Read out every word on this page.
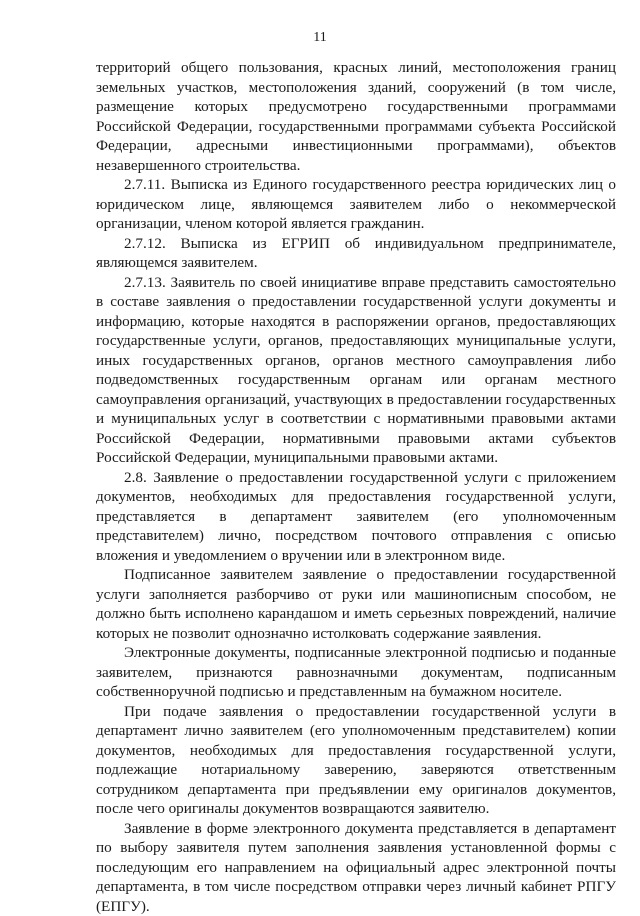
11

территорий общего пользования, красных линий, местоположения границ земельных участков, местоположения зданий, сооружений (в том числе, размещение которых предусмотрено государственными программами Российской Федерации, государственными программами субъекта Российской Федерации, адресными инвестиционными программами), объектов незавершенного строительства.

2.7.11. Выписка из Единого государственного реестра юридических лиц о юридическом лице, являющемся заявителем либо о некоммерческой организации, членом которой является гражданин.

2.7.12. Выписка из ЕГРИП об индивидуальном предпринимателе, являющемся заявителем.

2.7.13. Заявитель по своей инициативе вправе представить самостоятельно в составе заявления о предоставлении государственной услуги документы и информацию, которые находятся в распоряжении органов, предоставляющих государственные услуги, органов, предоставляющих муниципальные услуги, иных государственных органов, органов местного самоуправления либо подведомственных государственным органам или органам местного самоуправления организаций, участвующих в предоставлении государственных и муниципальных услуг в соответствии с нормативными правовыми актами Российской Федерации, нормативными правовыми актами субъектов Российской Федерации, муниципальными правовыми актами.

2.8. Заявление о предоставлении государственной услуги с приложением документов, необходимых для предоставления государственной услуги, представляется в департамент заявителем (его уполномоченным представителем) лично, посредством почтового отправления с описью вложения и уведомлением о вручении или в электронном виде.

Подписанное заявителем заявление о предоставлении государственной услуги заполняется разборчиво от руки или машинописным способом, не должно быть исполнено карандашом и иметь серьезных повреждений, наличие которых не позволит однозначно истолковать содержание заявления.

Электронные документы, подписанные электронной подписью и поданные заявителем, признаются равнозначными документам, подписанным собственноручной подписью и представленным на бумажном носителе.

При подаче заявления о предоставлении государственной услуги в департамент лично заявителем (его уполномоченным представителем) копии документов, необходимых для предоставления государственной услуги, подлежащие нотариальному заверению, заверяются ответственным сотрудником департамента при предъявлении ему оригиналов документов, после чего оригиналы документов возвращаются заявителю.

Заявление в форме электронного документа представляется в департамент по выбору заявителя путем заполнения заявления установленной формы с последующим его направлением на официальный адрес электронной почты департамента, в том числе посредством отправки через личный кабинет РПГУ (ЕПГУ).
